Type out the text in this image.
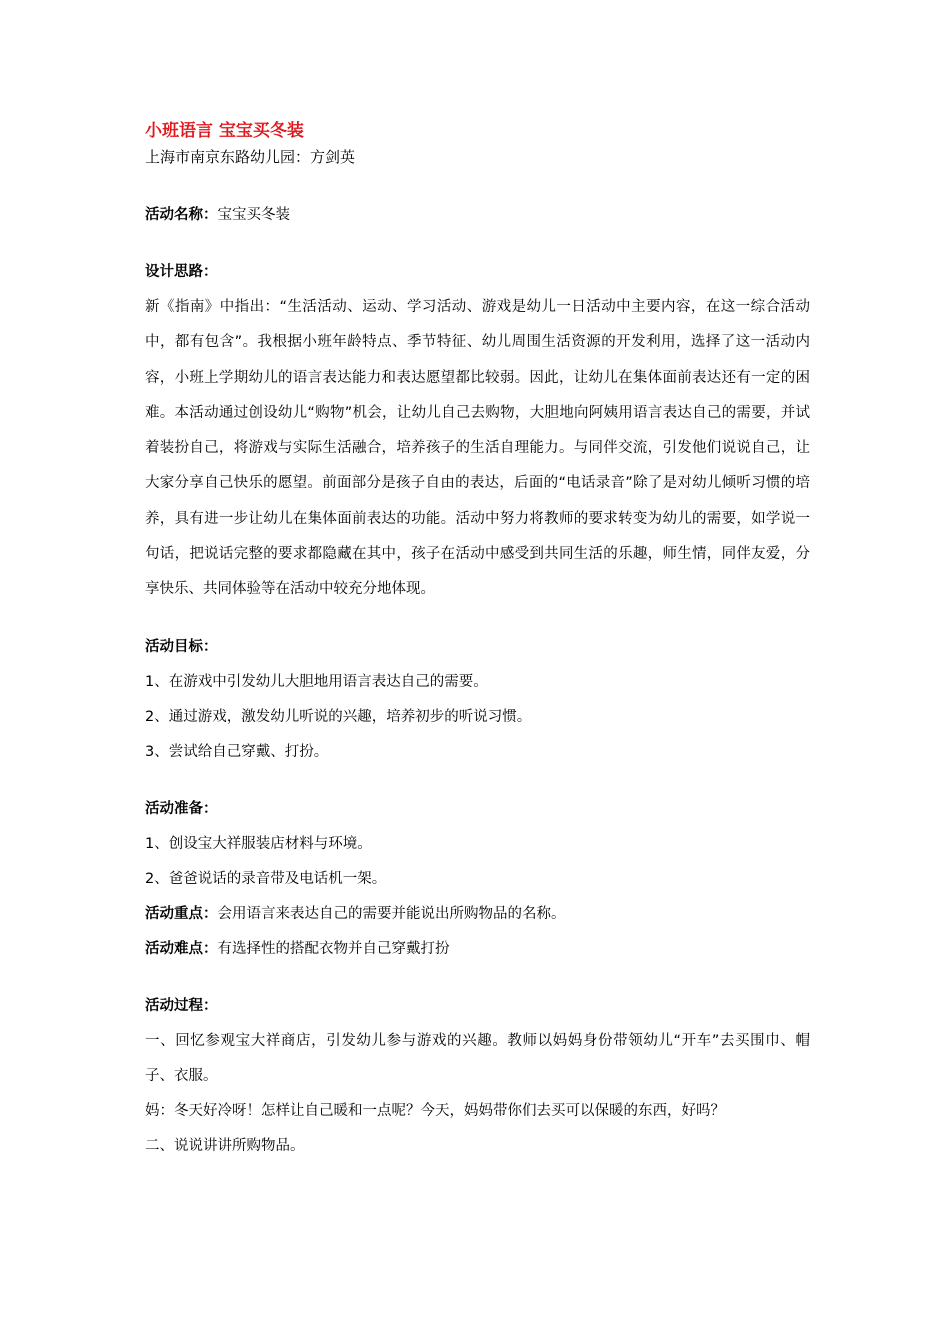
小班语言 宝宝买冬装

上海市南京东路幼儿园：方剑英

活动名称：宝宝买冬装

设计思路：

新《指南》中指出：“生活活动、运动、学习活动、游戏是幼儿一日活动中主要内容，在这一综合活动中，都有包含”。我根据小班年龄特点、季节特征、幼儿周围生活资源的开发利用，选择了这一活动内容，小班上学期幼儿的语言表达能力和表达愿望都比较弱。因此，让幼儿在集体面前表达还有一定的困难。本活动通过创设幼儿“购物”机会，让幼儿自己去购物，大胆地向阿姨用语言表达自己的需要，并试着装扮自己，将游戏与实际生活融合，培养孩子的生活自理能力。与同伴交流，引发他们说说自己，让大家分享自己快乐的愿望。前面部分是孩子自由的表达，后面的“电话录音”除了是对幼儿倾听习惯的培养，具有进一步让幼儿在集体面前表达的功能。活动中努力将教师的要求转变为幼儿的需要，如学说一句话，把说话完整的要求都隐藏在其中，孩子在活动中感受到共同生活的乐趣，师生情，同伴友爱，分享快乐、共同体验等在活动中较充分地体现。

活动目标：

1、在游戏中引发幼儿大胆地用语言表达自己的需要。

2、通过游戏，激发幼儿听说的兴趣，培养初步的听说习惯。

3、尝试给自己穿戴、打扮。

活动准备：

1、创设宝大祥服装店材料与环境。

2、爸爸说话的录音带及电话机一架。

活动重点：会用语言来表达自己的需要并能说出所购物品的名称。

活动难点：有选择性的搭配衣物并自己穿戴打扮

活动过程：

一、回忆参观宝大祥商店，引发幼儿参与游戏的兴趣。教师以妈妈身份带领幼儿“开车”去买围巾、帽子、衣服。

妈：冬天好冷呀！怎样让自己暖和一点呢？今天，妈妈带你们去买可以保暖的东西，好吗？

二、说说讲讲所购物品。
